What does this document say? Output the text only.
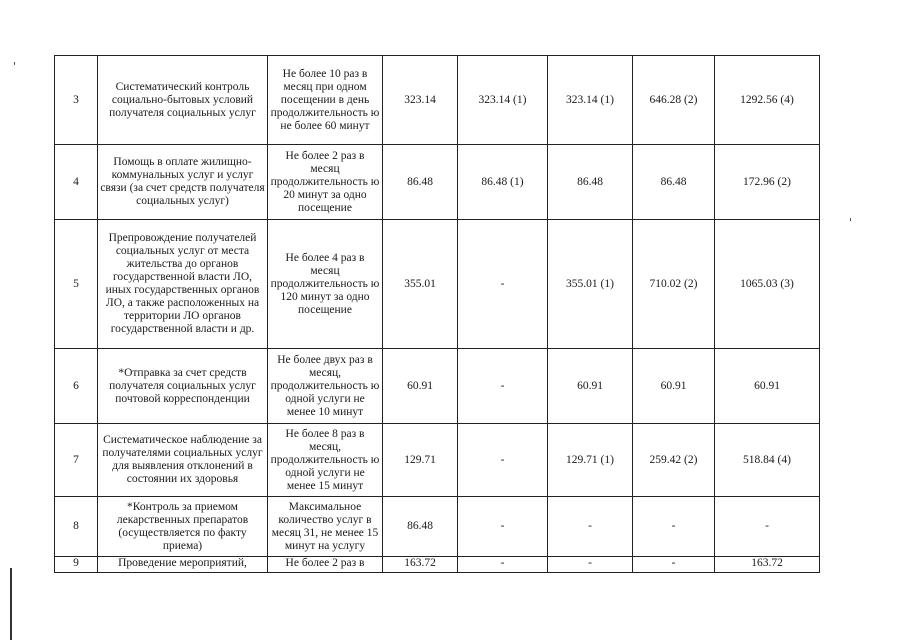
3	Систематический контроль социально-бытовых условий получателя социальных услуг	Не более 10 раз в месяц при одном посещении в день продолжительность ю не более 60 минут	323.14	323.14 (1)	323.14 (1)	646.28 (2)	1292.56 (4)
4	Помощь в оплате жилищно-коммунальных услуг и услуг связи (за счет средств получателя социальных услуг)	Не более 2 раз в месяц продолжительность ю 20 минут за одно посещение	86.48	86.48 (1)	86.48	86.48	172.96 (2)
5	Препровождение получателей социальных услуг от места жительства до органов государственной власти ЛО, иных государственных органов ЛО, а также расположенных на территории ЛО органов государственной власти и др.	Не более 4 раз в месяц продолжительность ю 120 минут за одно посещение	355.01	-	355.01 (1)	710.02 (2)	1065.03 (3)
6	*Отправка за счет средств получателя социальных услуг почтовой корреспонденции	Не более двух раз в месяц, продолжительность ю одной услуги не менее 10 минут	60.91	-	60.91	60.91	60.91
7	Систематическое наблюдение за получателями социальных услуг для выявления отклонений в состоянии их здоровья	Не более 8 раз в месяц, продолжительность ю одной услуги не менее 15 минут	129.71	-	129.71 (1)	259.42 (2)	518.84 (4)
8	*Контроль за приемом лекарственных препаратов (осуществляется по факту приема)	Максимальное количество услуг в месяц 31, не менее 15 минут на услугу	86.48	-	-	-	-
9	Проведение мероприятий,	Не более 2 раз в	163.72	-	-	-	163.72
